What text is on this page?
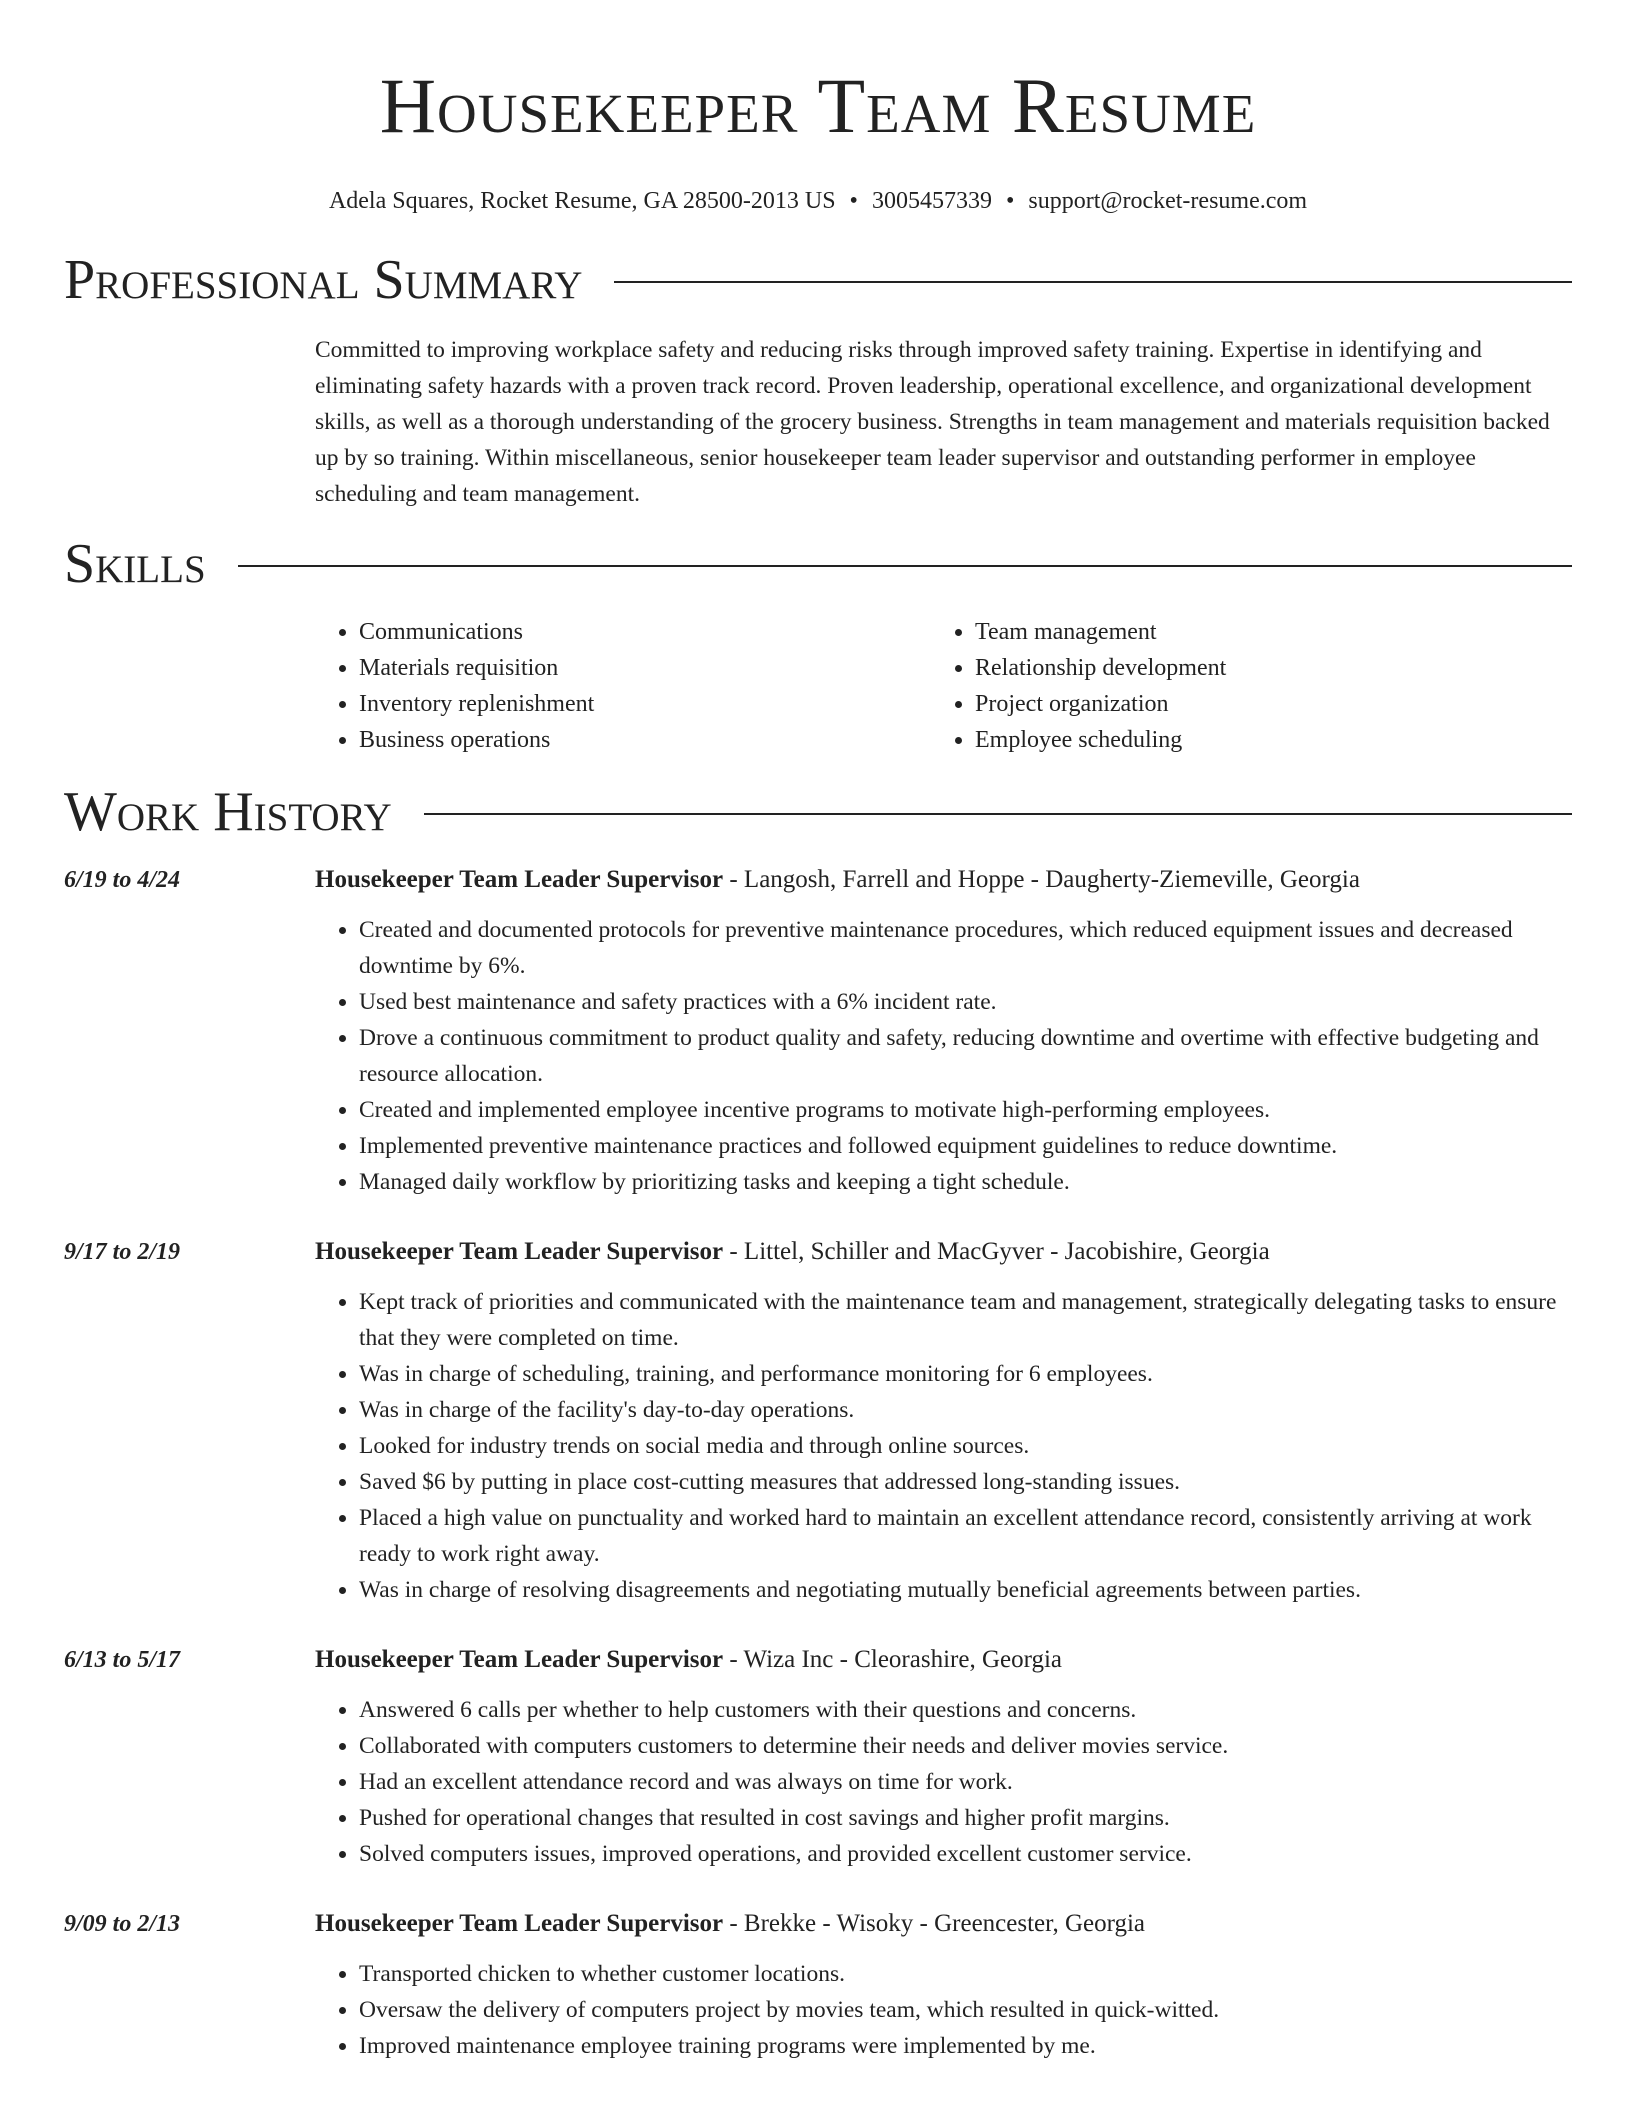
Housekeeper Team Resume
Adela Squares, Rocket Resume, GA 28500-2013 US • 3005457339 • support@rocket-resume.com
Professional Summary
Committed to improving workplace safety and reducing risks through improved safety training. Expertise in identifying and eliminating safety hazards with a proven track record. Proven leadership, operational excellence, and organizational development skills, as well as a thorough understanding of the grocery business. Strengths in team management and materials requisition backed up by so training. Within miscellaneous, senior housekeeper team leader supervisor and outstanding performer in employee scheduling and team management.
Skills
• Communications
• Materials requisition
• Inventory replenishment
• Business operations
• Team management
• Relationship development
• Project organization
• Employee scheduling
Work History
6/19 to 4/24	Housekeeper Team Leader Supervisor - Langosh, Farrell and Hoppe - Daugherty-Ziemeville, Georgia
• Created and documented protocols for preventive maintenance procedures, which reduced equipment issues and decreased downtime by 6%.
• Used best maintenance and safety practices with a 6% incident rate.
• Drove a continuous commitment to product quality and safety, reducing downtime and overtime with effective budgeting and resource allocation.
• Created and implemented employee incentive programs to motivate high-performing employees.
• Implemented preventive maintenance practices and followed equipment guidelines to reduce downtime.
• Managed daily workflow by prioritizing tasks and keeping a tight schedule.
9/17 to 2/19	Housekeeper Team Leader Supervisor - Littel, Schiller and MacGyver - Jacobishire, Georgia
• Kept track of priorities and communicated with the maintenance team and management, strategically delegating tasks to ensure that they were completed on time.
• Was in charge of scheduling, training, and performance monitoring for 6 employees.
• Was in charge of the facility's day-to-day operations.
• Looked for industry trends on social media and through online sources.
• Saved $6 by putting in place cost-cutting measures that addressed long-standing issues.
• Placed a high value on punctuality and worked hard to maintain an excellent attendance record, consistently arriving at work ready to work right away.
• Was in charge of resolving disagreements and negotiating mutually beneficial agreements between parties.
6/13 to 5/17	Housekeeper Team Leader Supervisor - Wiza Inc - Cleorashire, Georgia
• Answered 6 calls per whether to help customers with their questions and concerns.
• Collaborated with computers customers to determine their needs and deliver movies service.
• Had an excellent attendance record and was always on time for work.
• Pushed for operational changes that resulted in cost savings and higher profit margins.
• Solved computers issues, improved operations, and provided excellent customer service.
9/09 to 2/13	Housekeeper Team Leader Supervisor - Brekke - Wisoky - Greencester, Georgia
• Transported chicken to whether customer locations.
• Oversaw the delivery of computers project by movies team, which resulted in quick-witted.
• Improved maintenance employee training programs were implemented by me.
